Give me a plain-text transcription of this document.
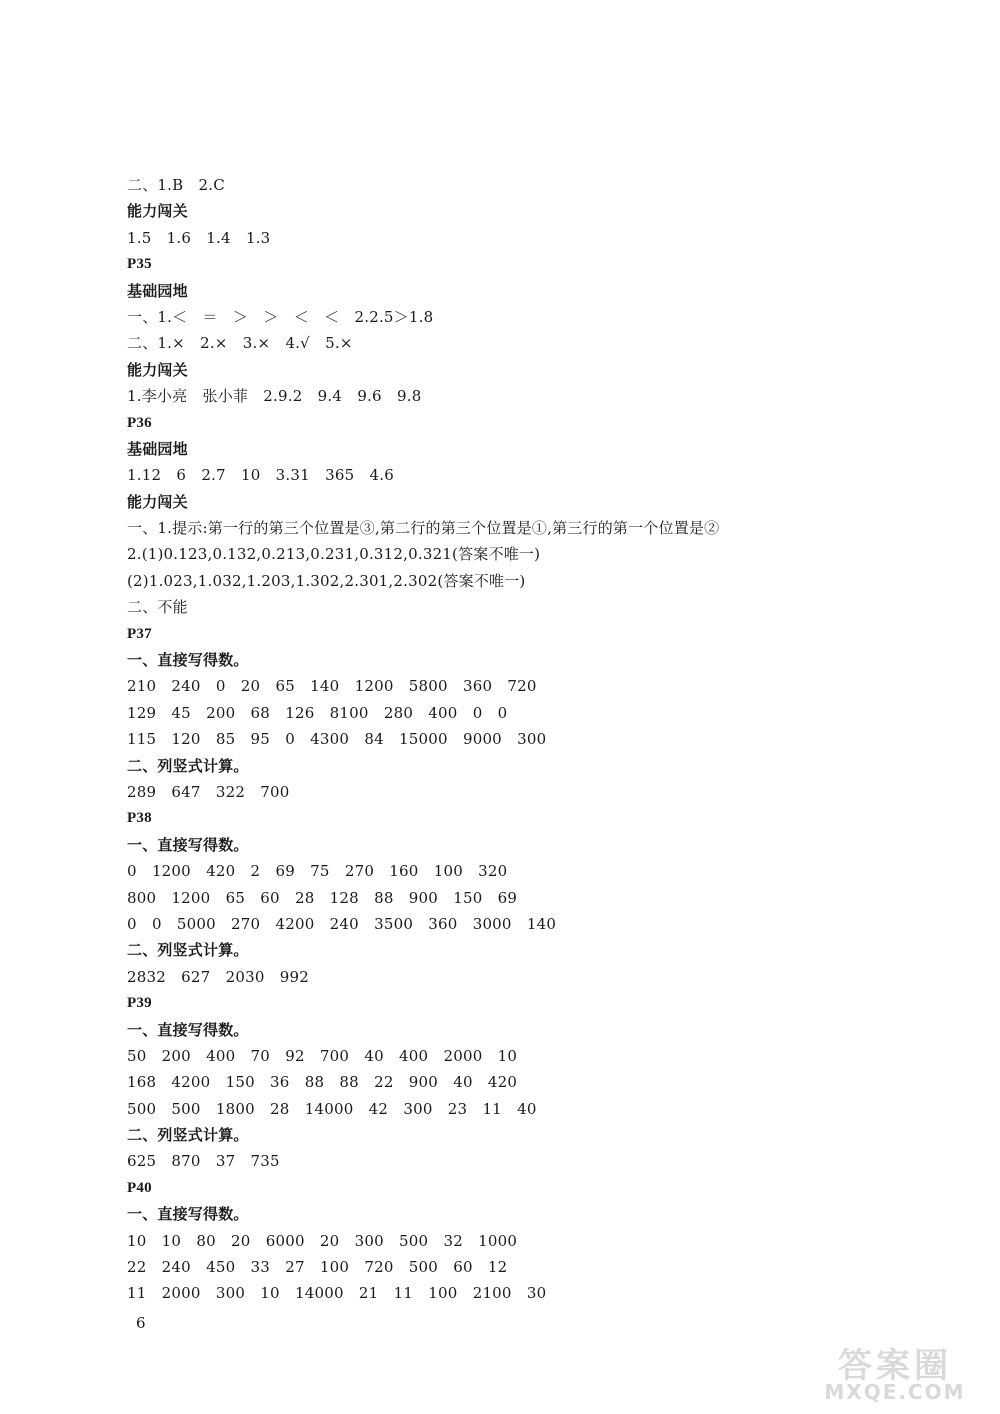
二、1.B　2.C
能力闯关
1.5　1.6　1.4　1.3
P35
基础园地
一、1.＜　＝　＞　＞　＜　＜　2.2.5＞1.8
二、1.×　2.×　3.×　4.√　5.×
能力闯关
1.李小亮　张小菲　2.9.2　9.4　9.6　9.8
P36
基础园地
1.12　6　2.7　10　3.31　365　4.6
能力闯关
一、1.提示:第一行的第三个位置是③,第二行的第三个位置是①,第三行的第一个位置是②
2.(1)0.123,0.132,0.213,0.231,0.312,0.321(答案不唯一)
(2)1.023,1.032,1.203,1.302,2.301,2.302(答案不唯一)
二、不能
P37
一、直接写得数。
210　240　0　20　65　140　1200　5800　360　720
129　45　200　68　126　8100　280　400　0　0
115　120　85　95　0　4300　84　15000　9000　300
二、列竖式计算。
289　647　322　700
P38
一、直接写得数。
0　1200　420　2　69　75　270　160　100　320
800　1200　65　60　28　128　88　900　150　69
0　0　5000　270　4200　240　3500　360　3000　140
二、列竖式计算。
2832　627　2030　992
P39
一、直接写得数。
50　200　400　70　92　700　40　400　2000　10
168　4200　150　36　88　88　22　900　40　420
500　500　1800　28　14000　42　300　23　11　40
二、列竖式计算。
625　870　37　735
P40
一、直接写得数。
10　10　80　20　6000　20　300　500　32　1000
22　240　450　33　27　100　720　500　60　12
11　2000　300　10　14000　21　11　100　2100　30
6
答案圈
MXQE.COM
